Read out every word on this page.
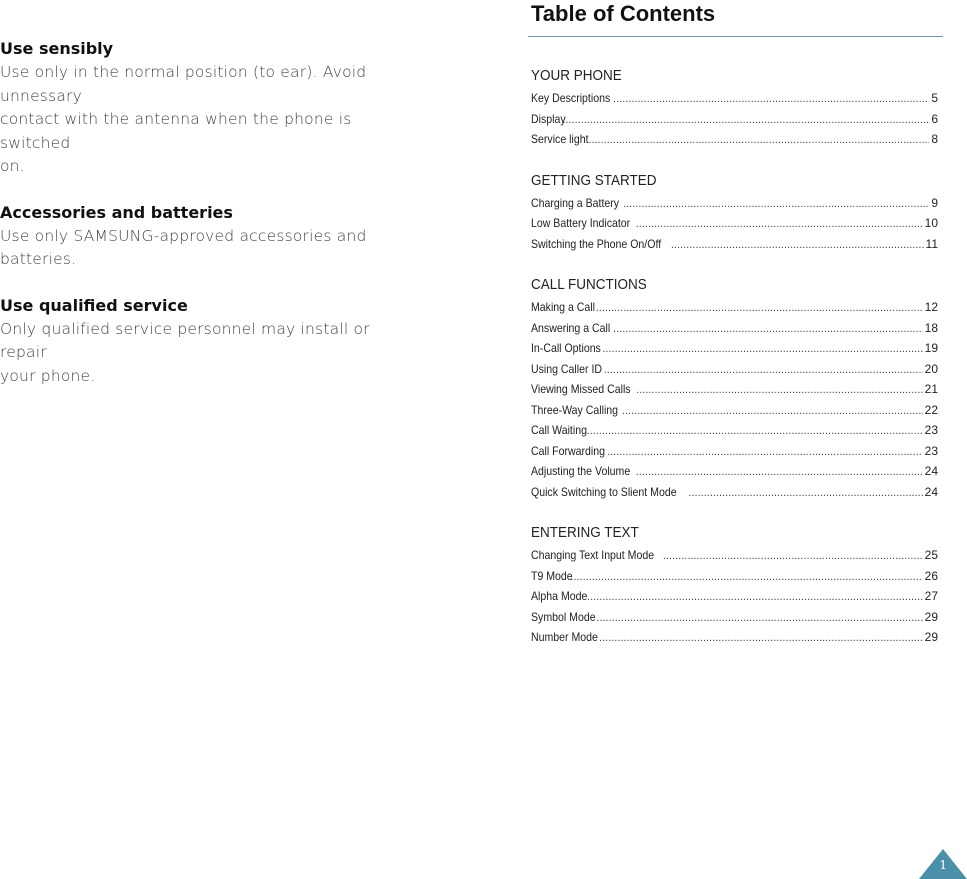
Use sensibly
Use only in the normal position (to ear). Avoid unnessary
contact with the antenna when the phone is switched
on.
Accessories and batteries
Use only SAMSUNG-approved accessories and
batteries.
Use qualified service
Only qualified service personnel may install or repair
your phone.
Table of Contents
YOUR PHONE
Key Descriptions .....	5
Display .....	6
Service light .....	8
GETTING STARTED
Charging a Battery .....	9
Low Battery Indicator .....	10
Switching the Phone On/Off .....	11
CALL FUNCTIONS
Making a Call .....	12
Answering a Call .....	18
In-Call Options .....	19
Using Caller ID .....	20
Viewing Missed Calls .....	21
Three-Way Calling .....	22
Call Waiting .....	23
Call Forwarding .....	23
Adjusting the Volume .....	24
Quick Switching to Slient Mode .....	24
ENTERING TEXT
Changing Text Input Mode .....	25
T9 Mode .....	26
Alpha Mode .....	27
Symbol Mode .....	29
Number Mode .....	29
1
